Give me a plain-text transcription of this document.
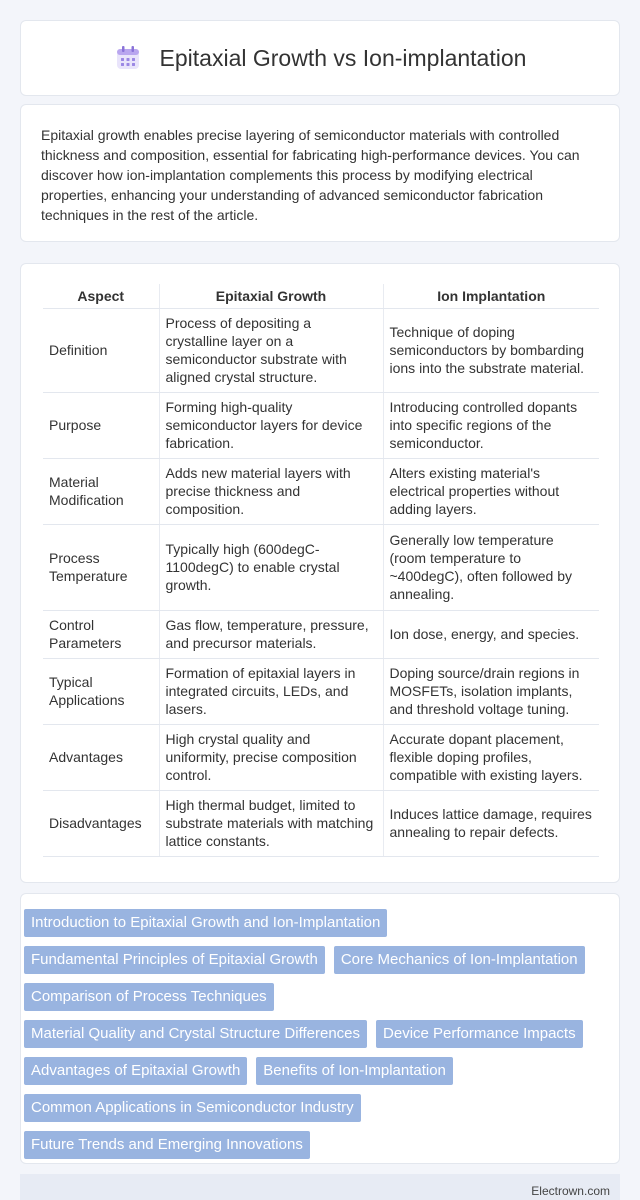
Epitaxial Growth vs Ion-implantation

Epitaxial growth enables precise layering of semiconductor materials with controlled thickness and composition, essential for fabricating high-performance devices. You can discover how ion-implantation complements this process by modifying electrical properties, enhancing your understanding of advanced semiconductor fabrication techniques in the rest of the article.

Aspect	Epitaxial Growth	Ion Implantation
Definition	Process of depositing a crystalline layer on a semiconductor substrate with aligned crystal structure.	Technique of doping semiconductors by bombarding ions into the substrate material.
Purpose	Forming high-quality semiconductor layers for device fabrication.	Introducing controlled dopants into specific regions of the semiconductor.
Material Modification	Adds new material layers with precise thickness and composition.	Alters existing material's electrical properties without adding layers.
Process Temperature	Typically high (600degC-1100degC) to enable crystal growth.	Generally low temperature (room temperature to ~400degC), often followed by annealing.
Control Parameters	Gas flow, temperature, pressure, and precursor materials.	Ion dose, energy, and species.
Typical Applications	Formation of epitaxial layers in integrated circuits, LEDs, and lasers.	Doping source/drain regions in MOSFETs, isolation implants, and threshold voltage tuning.
Advantages	High crystal quality and uniformity, precise composition control.	Accurate dopant placement, flexible doping profiles, compatible with existing layers.
Disadvantages	High thermal budget, limited to substrate materials with matching lattice constants.	Induces lattice damage, requires annealing to repair defects.
Introduction to Epitaxial Growth and Ion-Implantation
Fundamental Principles of Epitaxial Growth	Core Mechanics of Ion-Implantation
Comparison of Process Techniques
Material Quality and Crystal Structure Differences	Device Performance Impacts
Advantages of Epitaxial Growth	Benefits of Ion-Implantation
Common Applications in Semiconductor Industry
Future Trends and Emerging Innovations
Electrown.com
